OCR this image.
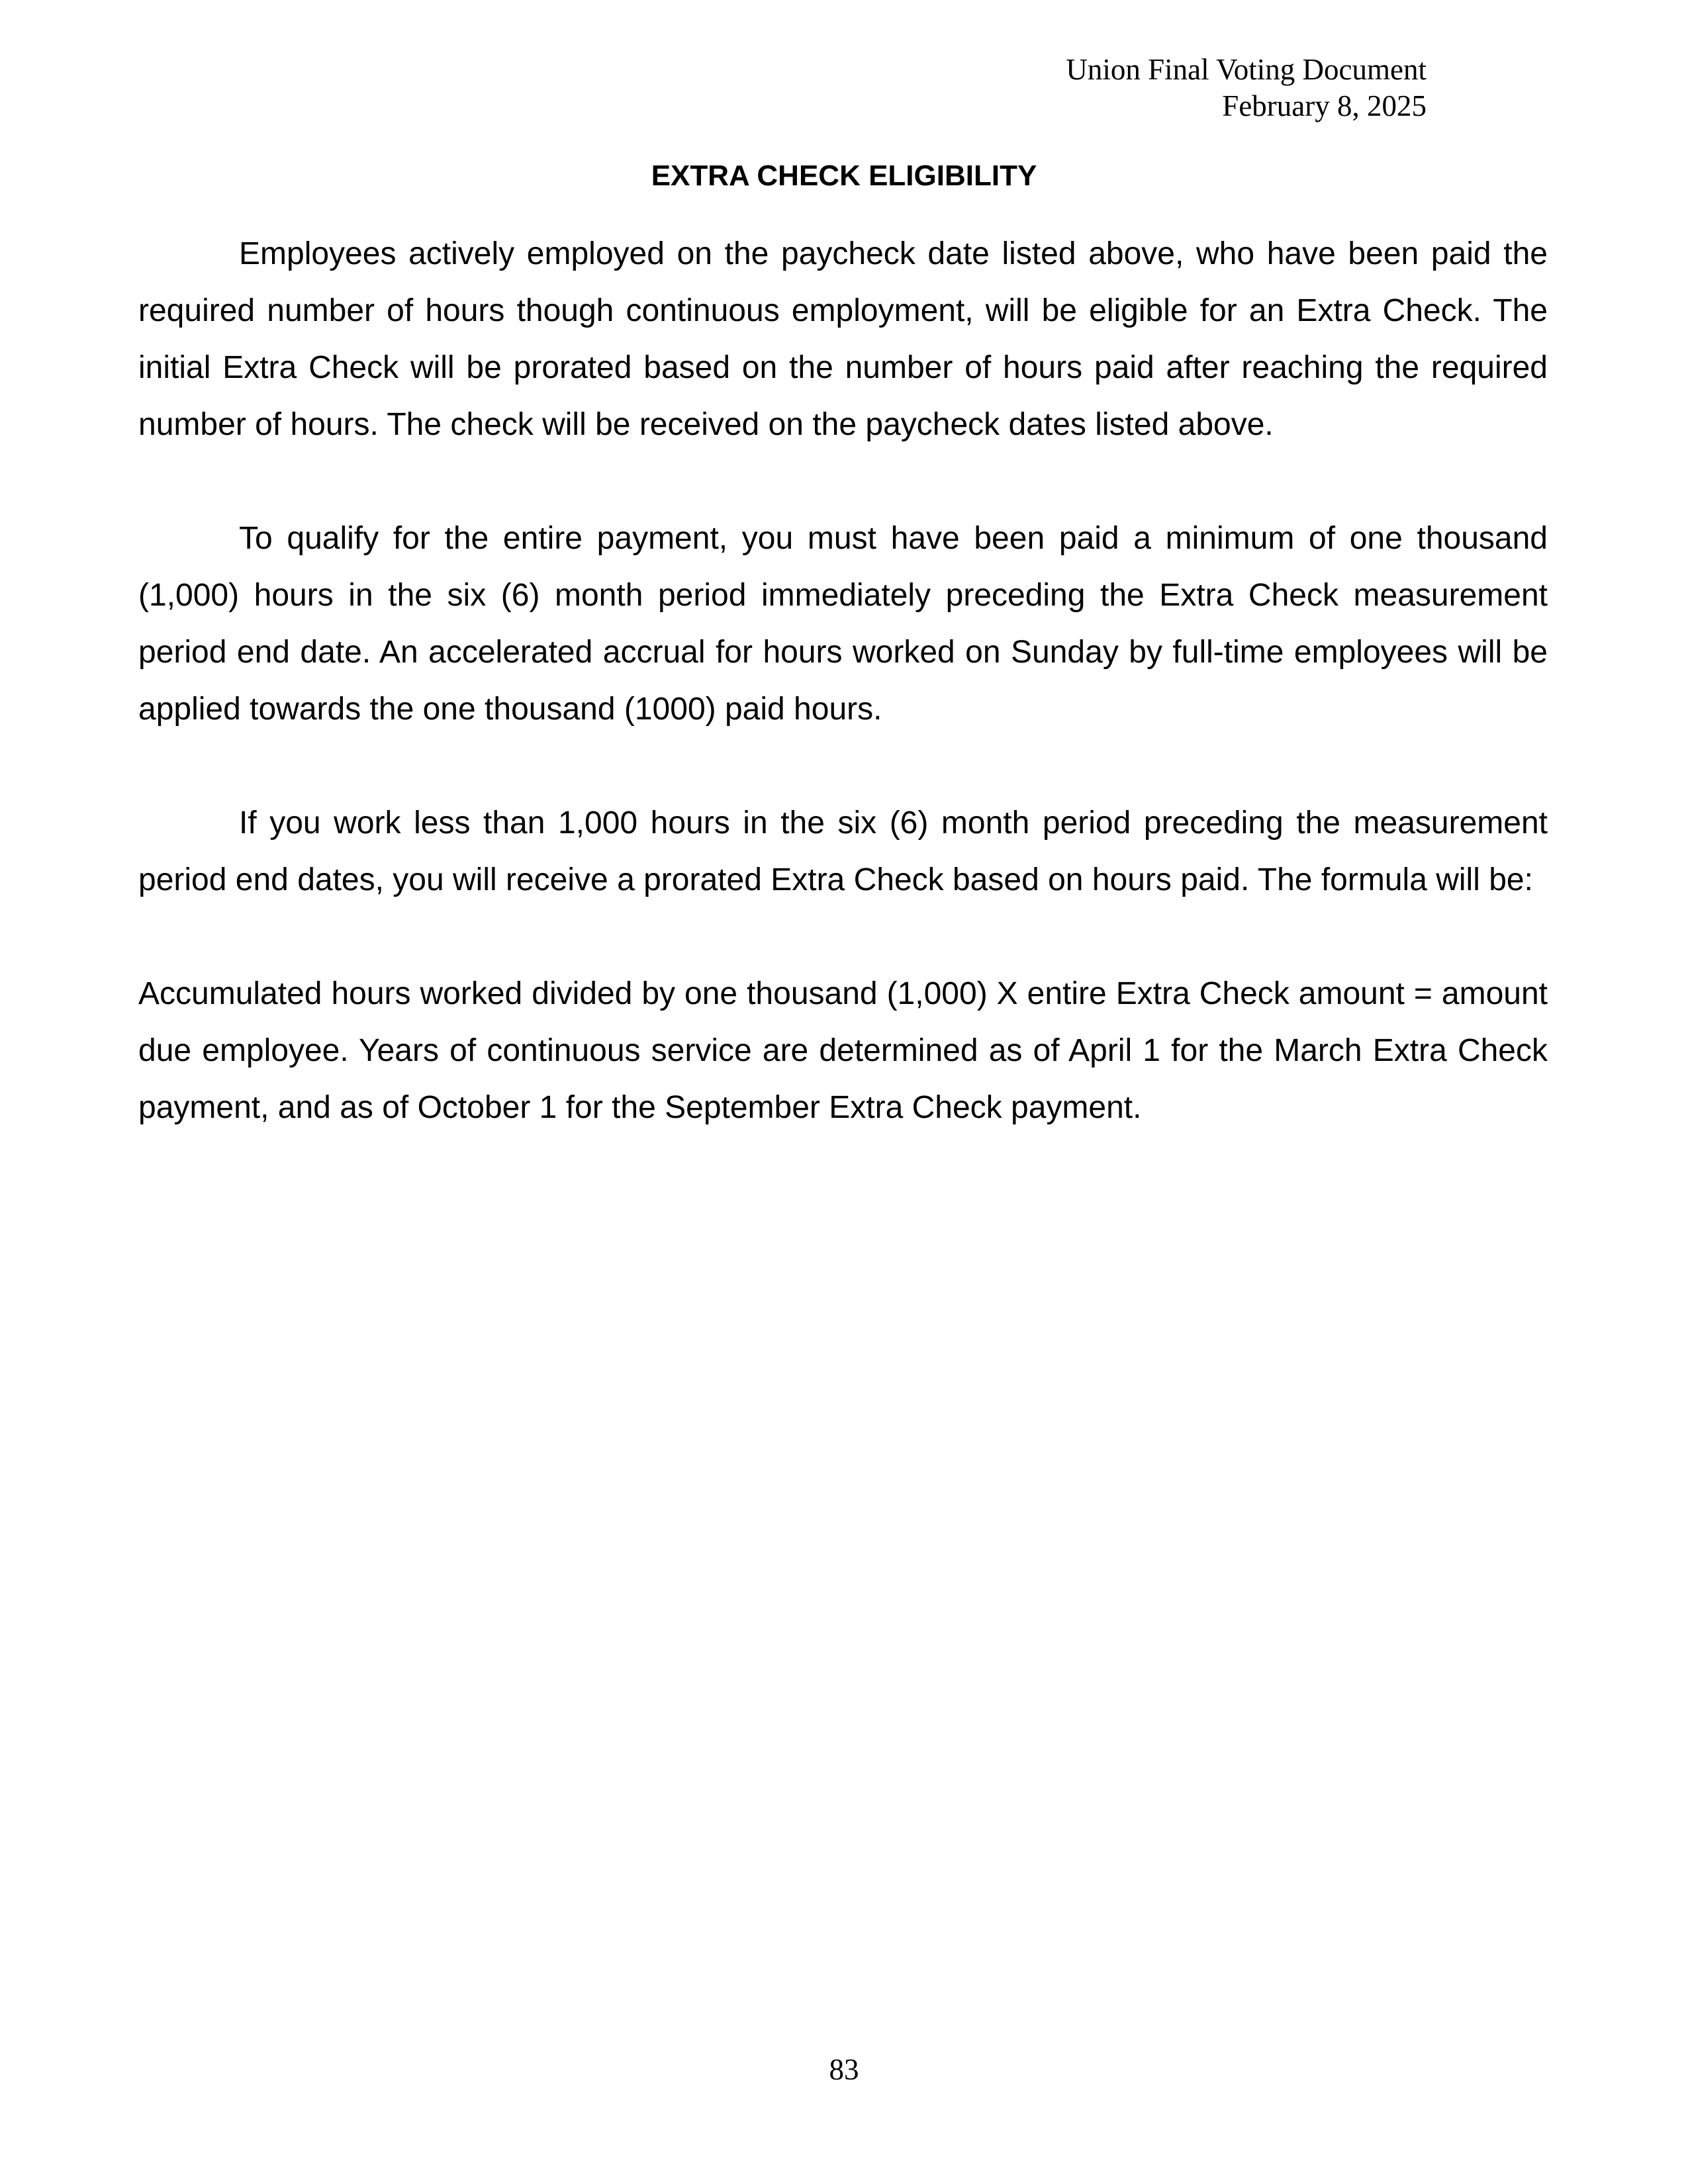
Union Final Voting Document
February 8, 2025
EXTRA CHECK ELIGIBILITY

Employees actively employed on the paycheck date listed above, who have been paid the required number of hours though continuous employment, will be eligible for an Extra Check. The initial Extra Check will be prorated based on the number of hours paid after reaching the required number of hours. The check will be received on the paycheck dates listed above.

To qualify for the entire payment, you must have been paid a minimum of one thousand (1,000) hours in the six (6) month period immediately preceding the Extra Check measurement period end date. An accelerated accrual for hours worked on Sunday by full-time employees will be applied towards the one thousand (1000) paid hours.

If you work less than 1,000 hours in the six (6) month period preceding the measurement period end dates, you will receive a prorated Extra Check based on hours paid. The formula will be:

Accumulated hours worked divided by one thousand (1,000) X entire Extra Check amount = amount due employee. Years of continuous service are determined as of April 1 for the March Extra Check payment, and as of October 1 for the September Extra Check payment.

83
